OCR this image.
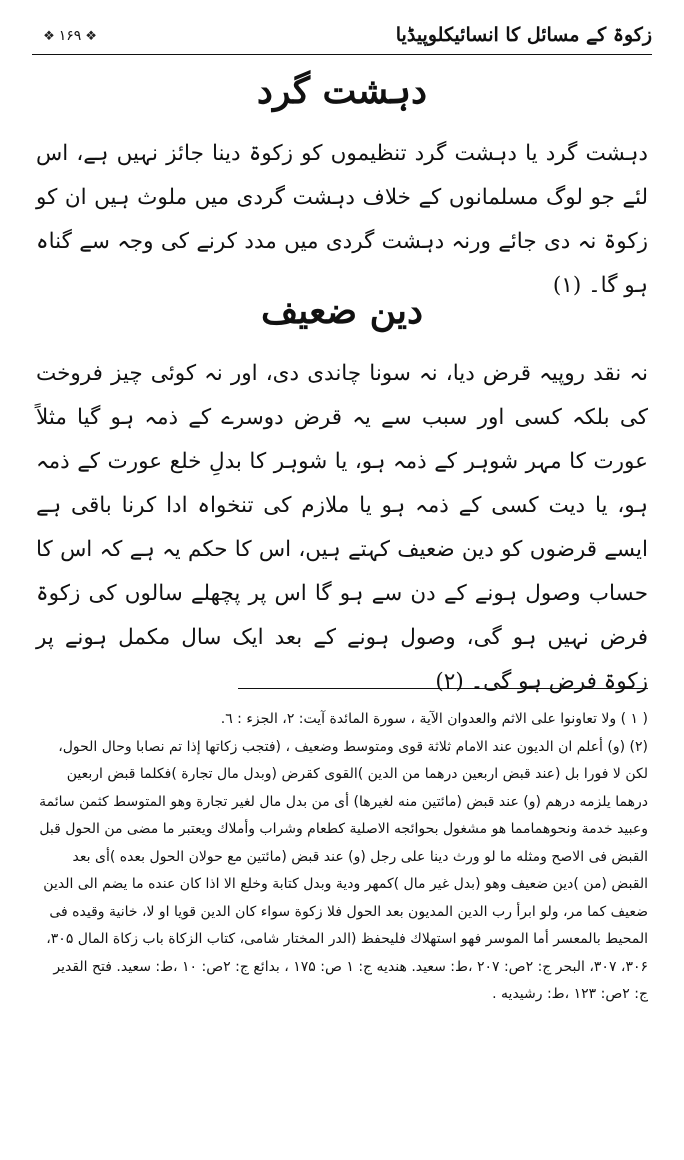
زکوۃ کے مسائل کا انسائیکلوپیڈیا
❖ ۱۶۹ ❖
دہشت گرد

دہشت گرد یا دہشت گرد تنظیموں کو زکوۃ دینا جائز نہیں ہے، اس لئے جو لوگ مسلمانوں کے خلاف دہشت گردی میں ملوث ہیں ان کو زکوۃ نہ دی جائے ورنہ دہشت گردی میں مدد کرنے کی وجہ سے گناہ ہو گا۔ (۱)

دین ضعیف

نہ نقد روپیہ قرض دیا، نہ سونا چاندی دی، اور نہ کوئی چیز فروخت کی بلکہ کسی اور سبب سے یہ قرض دوسرے کے ذمہ ہو گیا مثلاً عورت کا مہر شوہر کے ذمہ ہو، یا شوہر کا بدلِ خلع عورت کے ذمہ ہو، یا دیت کسی کے ذمہ ہو یا ملازم کی تنخواہ ادا کرنا باقی ہے ایسے قرضوں کو دین ضعیف کہتے ہیں، اس کا حکم یہ ہے کہ اس کا حساب وصول ہونے کے دن سے ہو گا اس پر پچھلے سالوں کی زکوۃ فرض نہیں ہو گی، وصول ہونے کے بعد ایک سال مکمل ہونے پر زکوۃ فرض ہو گی۔ (۲)

( ۱ ) ولا تعاونوا على الاثم والعدوان الآية ، سورة المائدة آيت: ۲، الجزء : ٦.
(۲) (و) أعلم ان الديون عند الامام ثلاثة قوى ومتوسط وضعيف ، (فتجب زكاتها إذا تم نصابا وحال الحول، لكن لا فورا بل (عند قبض اربعين درهما من الدين )القوى كقرض (وبدل مال تجارة )فكلما قبض اربعين درهما يلزمه درهم (و) عند قبض (مائتين منه لغيرها) أى من بدل مال لغير تجارة وهو المتوسط كثمن سائمة وعبيد خدمة ونحوهمامما هو مشغول بحوائجه الاصلية كطعام وشراب وأملاك ويعتبر ما مضى من الحول قبل القبض فى الاصح ومثله ما لو ورث دينا على رجل (و) عند قبض (مائتين مع حولان الحول بعده )أى بعد القبض (من )دين ضعيف وهو (بدل غير مال )كمهر ودية وبدل كتابة وخلع الا اذا كان عنده ما يضم الى الدين ضعيف كما مر، ولو ابرأ رب الدين المديون بعد الحول فلا زكوة سواء كان الدين قويا او لا، خانية وقيده فى المحيط بالمعسر أما الموسر فهو استهلاك فليحفظ (الدر المختار شامى، كتاب الزكاة باب زكاة المال ۳۰۵، ۳۰۶، ۳۰۷، البحر ج: ۲ص: ۲۰۷ ،ط: سعيد. هنديه ج: ۱ ص: ۱۷۵ ، بدائع ج: ۲ص: ۱۰ ،ط: سعيد. فتح القدير ج: ۲ص: ۱۲۳ ،ط: رشيديه .
